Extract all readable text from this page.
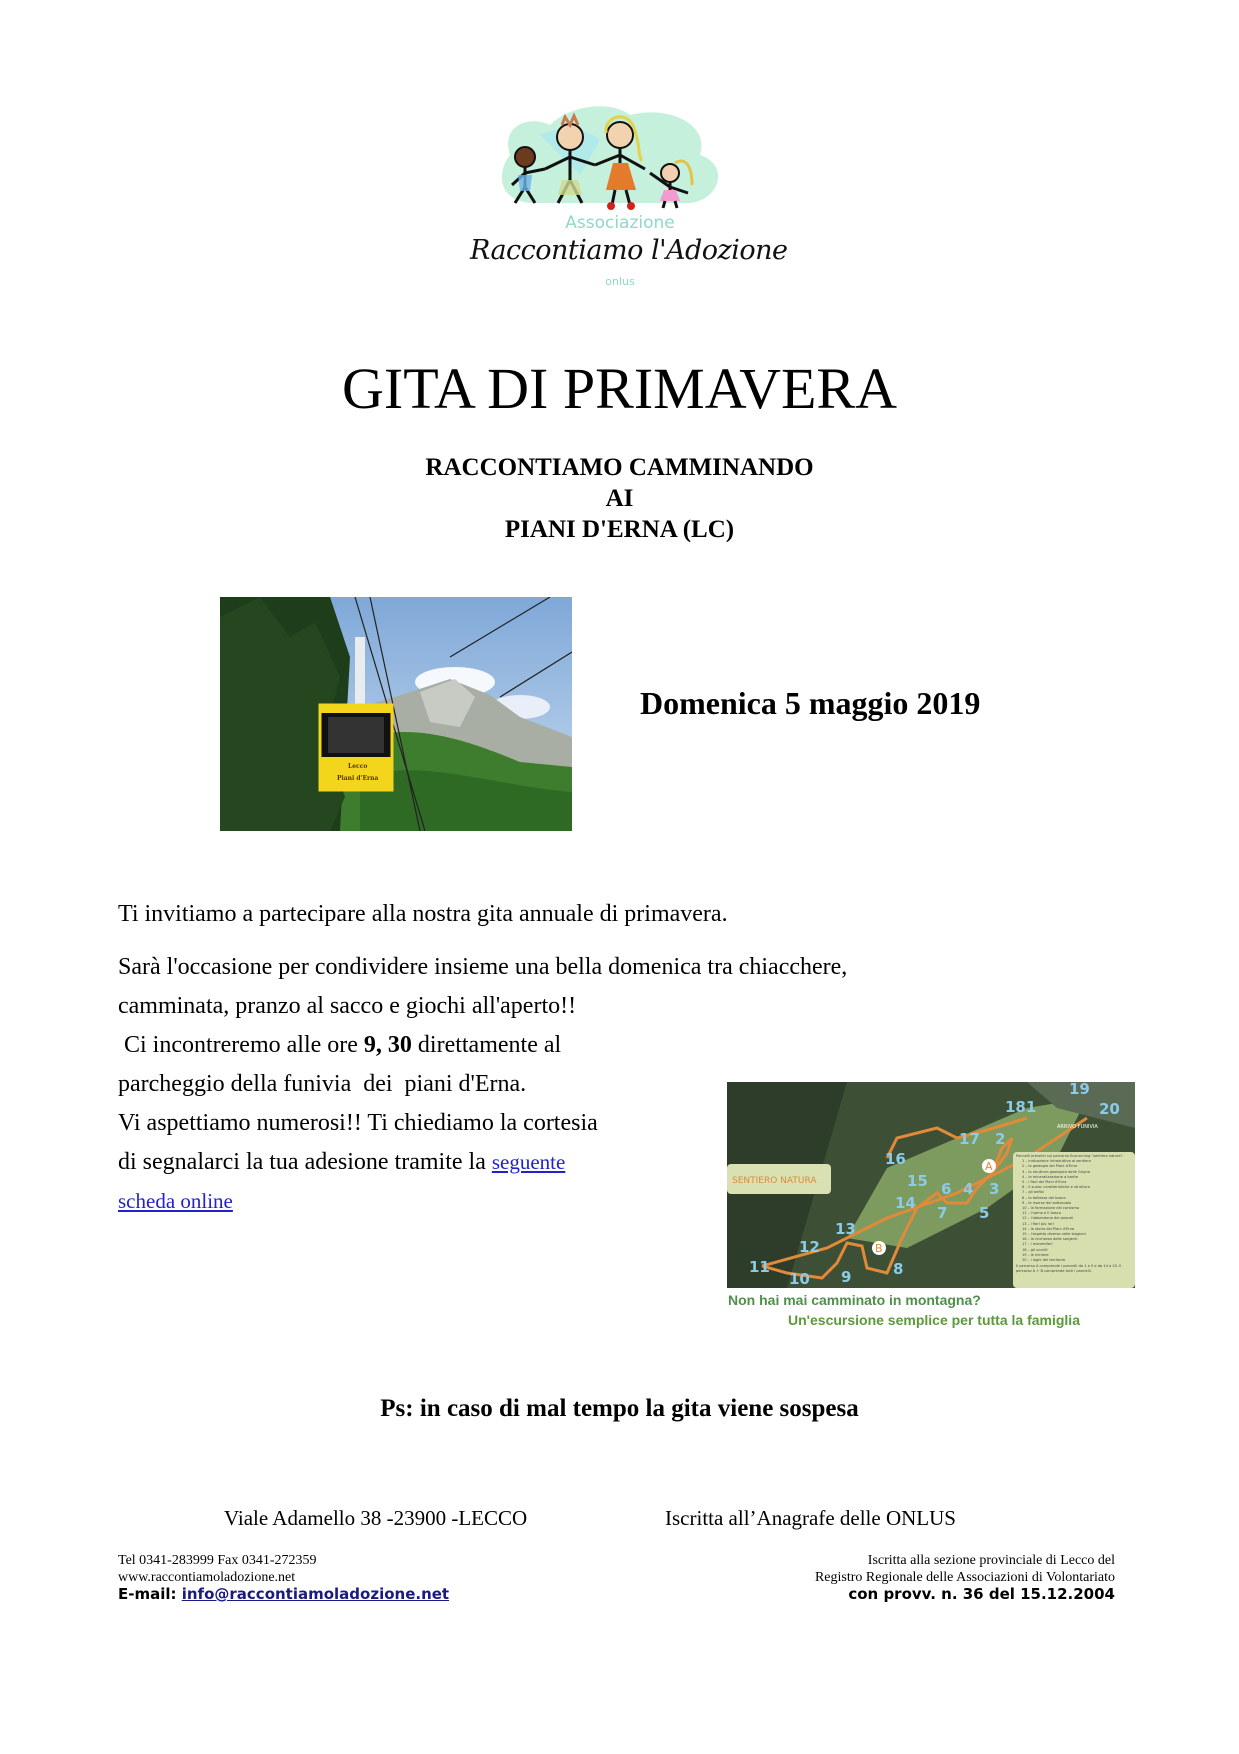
Associazione
Raccontiamo l'Adozione
onlus
GITA DI PRIMAVERA
RACCONTIAMO CAMMINANDO
AI
PIANI D'ERNA (LC)
Lecco
Piani d'Erna
Domenica 5 maggio 2019
Ti invitiamo a partecipare alla nostra gita annuale di primavera.
Sarà l'occasione per condividere insieme una bella domenica tra chiacchere,
camminata, pranzo al sacco e giochi all'aperto!!
Ci incontreremo alle ore 9, 30 direttamente al
parcheggio della funivia  dei  piani d'Erna.
Vi aspettiamo numerosi!! Ti chiediamo la cortesia
di segnalarci la tua adesione tramite la seguente
scheda online
SENTIERO NATURA
ARRIVO FUNIVIA
181
19
20
17 2
16
15	3
6 4
5
14
7
13
12
8
11
10 9
A
B
Pannelli presenti sul percorso Ecorunning "sentiero natura":
1 – indicazione introduttiva al sentiero
2 – la geologia dei Piani d'Erna
3 – la struttura geologica delle Grigne
4 – la mineralizzazione a barite
5 – i fiori dei Piani d'Erna
6 – il suolo: caratteristiche e struttura
7 – gli anfibi
8 – la bellezza del bosco
9 – le risorse del sottosuolo
10 – la formazione del carsismo
11 – l'uomo e il bosco
12 – l'abbandono dei pascoli
13 – i fiori più rari
14 – la storia dei Piani d'Erna
15 – l'aspetto diverso nelle stagioni
16 – la ricchezza delle sorgenti
17 – i mammiferi
18 – gli uccelli
19 – le miniere
20 – i laghi del territorio
Il percorso A comprende i pannelli da 1 a 5 e da 14 a 20. Il percorso A + B comprende tutti i pannelli.
Non hai mai camminato in montagna?
Un'escursione semplice per tutta la famiglia
Ps: in caso di mal tempo la gita viene sospesa
Viale Adamello 38 -23900 -LECCO	Iscritta all’Anagrafe delle ONLUS
Tel 0341-283999 Fax 0341-272359
www.raccontiamoladozione.net
E-mail: info@raccontiamoladozione.net
Iscritta alla sezione provinciale di Lecco del
Registro Regionale delle Associazioni di Volontariato
con provv. n. 36 del 15.12.2004
